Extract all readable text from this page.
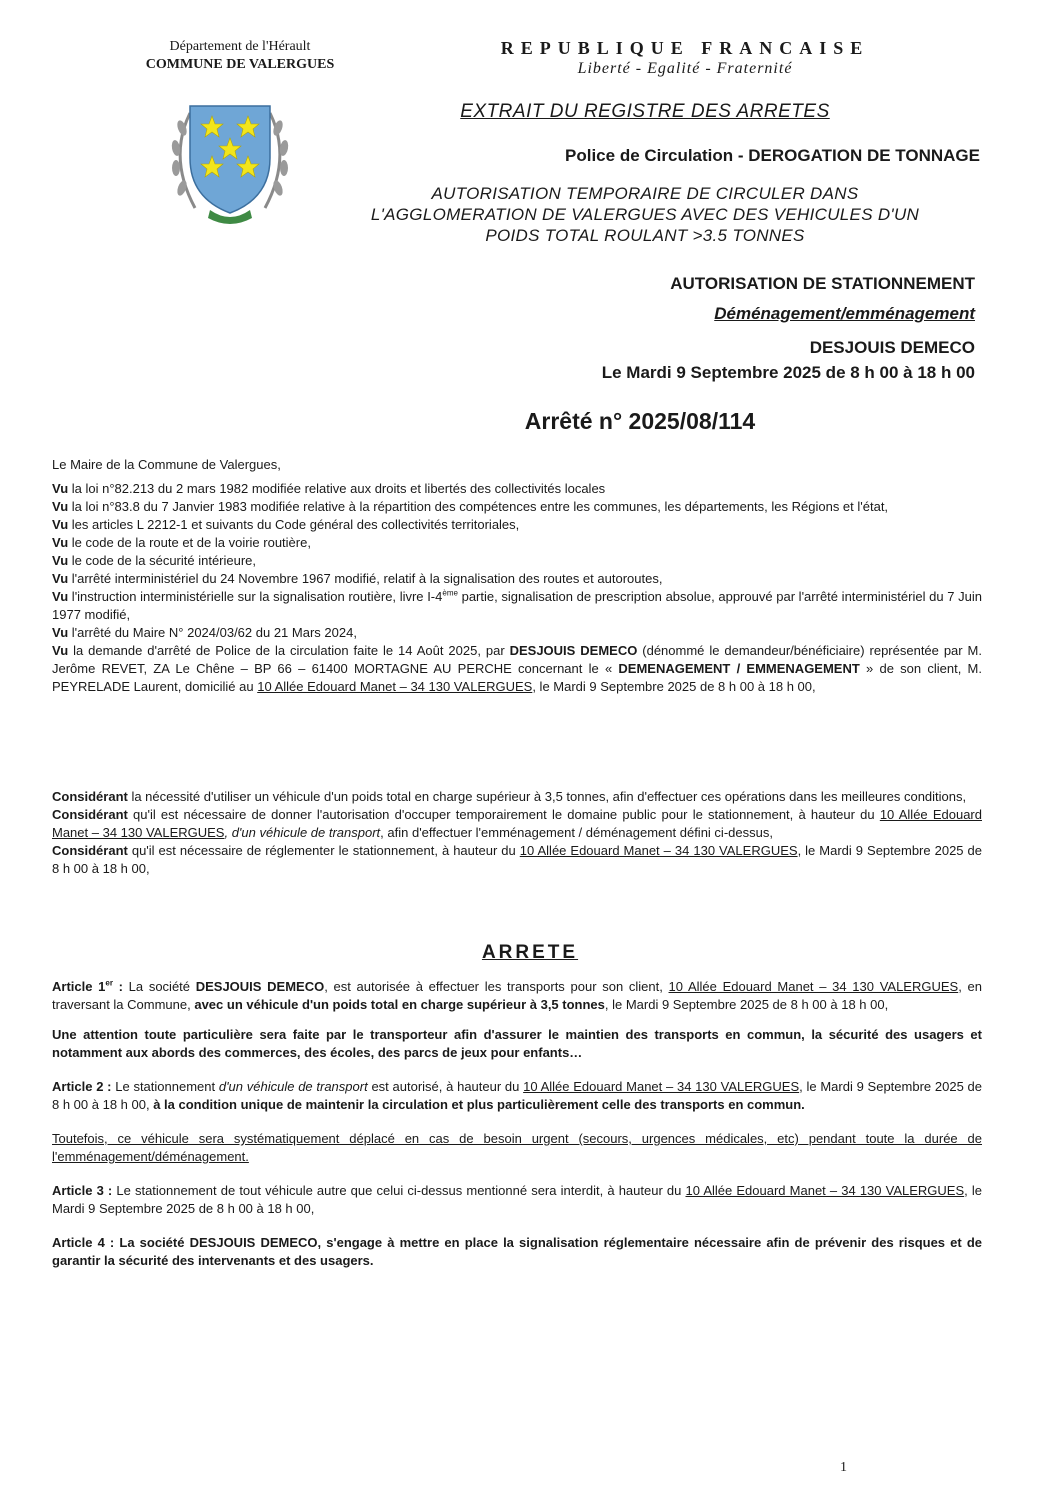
Département de l'Hérault
COMMUNE DE VALERGUES
REPUBLIQUE FRANCAISE
Liberté - Egalité - Fraternité
EXTRAIT DU REGISTRE DES ARRETES
Police de Circulation - DEROGATION DE TONNAGE
AUTORISATION TEMPORAIRE DE CIRCULER DANS
L'AGGLOMERATION DE VALERGUES AVEC DES VEHICULES D'UN
POIDS TOTAL ROULANT >3.5 TONNES
AUTORISATION DE STATIONNEMENT
Déménagement/emménagement
DESJOUIS DEMECO
Le Mardi 9 Septembre 2025 de 8 h 00 à 18 h 00
Arrêté n° 2025/08/114

Le Maire de la Commune de Valergues,

Vu la loi n°82.213 du 2 mars 1982 modifiée relative aux droits et libertés des collectivités locales

Vu la loi n°83.8 du 7 Janvier 1983 modifiée relative à la répartition des compétences entre les communes, les départements, les Régions et l'état,

Vu les articles L 2212-1 et suivants du Code général des collectivités territoriales,

Vu le code de la route et de la voirie routière,

Vu le code de la sécurité intérieure,

Vu l'arrêté interministériel du 24 Novembre 1967 modifié, relatif à la signalisation des routes et autoroutes,

Vu l'instruction interministérielle sur la signalisation routière, livre I-4ème partie, signalisation de prescription absolue, approuvé par l'arrêté interministériel du 7 Juin 1977 modifié,

Vu l'arrêté du Maire N° 2024/03/62 du 21 Mars 2024,

Vu la demande d'arrêté de Police de la circulation faite le 14 Août 2025, par DESJOUIS DEMECO (dénommé le demandeur/bénéficiaire) représentée par M. Jerôme REVET, ZA Le Chêne – BP 66 – 61400 MORTAGNE AU PERCHE concernant le « DEMENAGEMENT / EMMENAGEMENT » de son client, M. PEYRELADE Laurent, domicilié au 10 Allée Edouard Manet – 34 130 VALERGUES, le Mardi 9 Septembre 2025 de 8 h 00 à 18 h 00,

Considérant la nécessité d'utiliser un véhicule d'un poids total en charge supérieur à 3,5 tonnes, afin d'effectuer ces opérations dans les meilleures conditions,

Considérant qu'il est nécessaire de donner l'autorisation d'occuper temporairement le domaine public pour le stationnement, à hauteur du 10 Allée Edouard Manet – 34 130 VALERGUES, d'un véhicule de transport, afin d'effectuer l'emménagement / déménagement défini ci-dessus,

Considérant qu'il est nécessaire de réglementer le stationnement, à hauteur du 10 Allée Edouard Manet – 34 130 VALERGUES, le Mardi 9 Septembre 2025 de 8 h 00 à 18 h 00,

ARRETE

Article 1er : La société DESJOUIS DEMECO, est autorisée à effectuer les transports pour son client, 10 Allée Edouard Manet – 34 130 VALERGUES, en traversant la Commune, avec un véhicule d'un poids total en charge supérieur à 3,5 tonnes, le Mardi 9 Septembre 2025 de 8 h 00 à 18 h 00,

Une attention toute particulière sera faite par le transporteur afin d'assurer le maintien des transports en commun, la sécurité des usagers et notamment aux abords des commerces, des écoles, des parcs de jeux pour enfants…

Article 2 : Le stationnement d'un véhicule de transport est autorisé, à hauteur du 10 Allée Edouard Manet – 34 130 VALERGUES, le Mardi 9 Septembre 2025 de 8 h 00 à 18 h 00, à la condition unique de maintenir la circulation et plus particulièrement celle des transports en commun.

Toutefois, ce véhicule sera systématiquement déplacé en cas de besoin urgent (secours, urgences médicales, etc) pendant toute la durée de l'emménagement/déménagement.

Article 3 : Le stationnement de tout véhicule autre que celui ci-dessus mentionné sera interdit, à hauteur du 10 Allée Edouard Manet – 34 130 VALERGUES, le Mardi 9 Septembre 2025 de 8 h 00 à 18 h 00,

Article 4 : La société DESJOUIS DEMECO, s'engage à mettre en place la signalisation réglementaire nécessaire afin de prévenir des risques et de garantir la sécurité des intervenants et des usagers.

1
